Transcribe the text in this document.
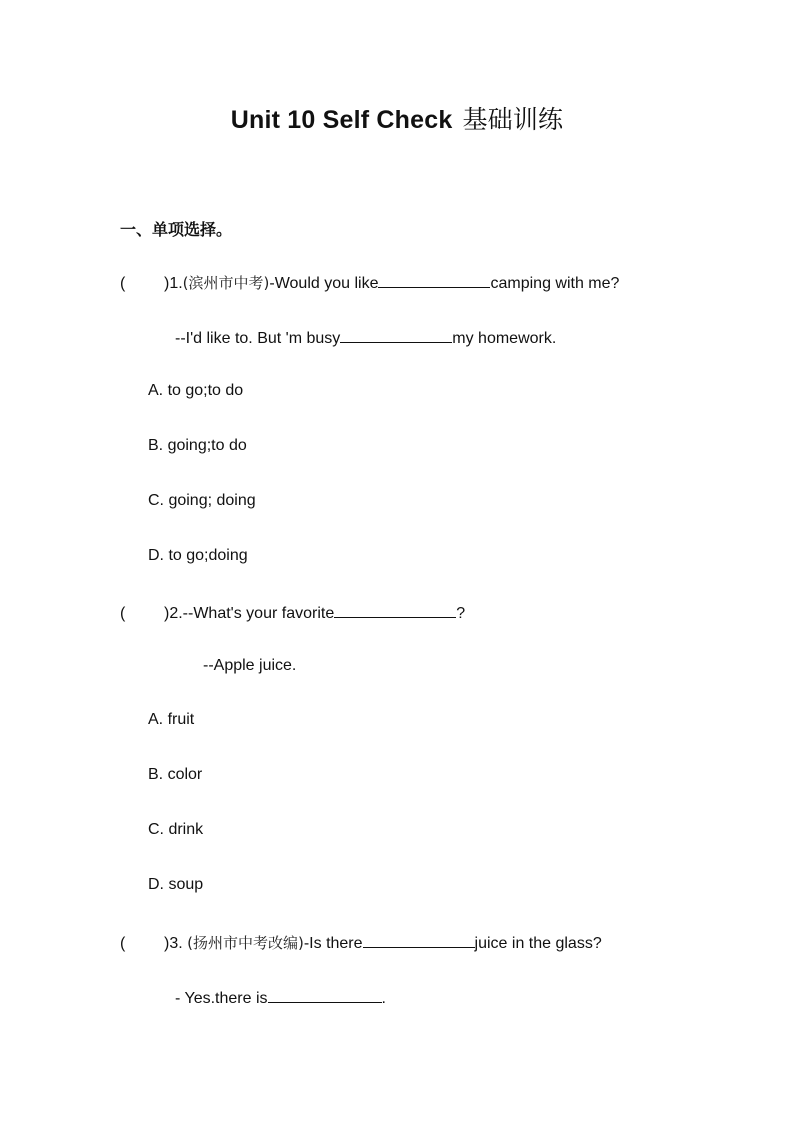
Unit 10 Self Check 基础训练
一、单项选择。
( )1.(滨州市中考)-Would you like	camping with me?
--I'd like to. But 'm busy	my homework.
A. to go;to do
B. going;to do
C. going; doing
D. to go;doing
( )2.--What's your favorite	?
--Apple juice.
A. fruit
B. color
C. drink
D. soup
( )3. (扬州市中考改编)-Is there	juice in the glass?
- Yes.there is	.
